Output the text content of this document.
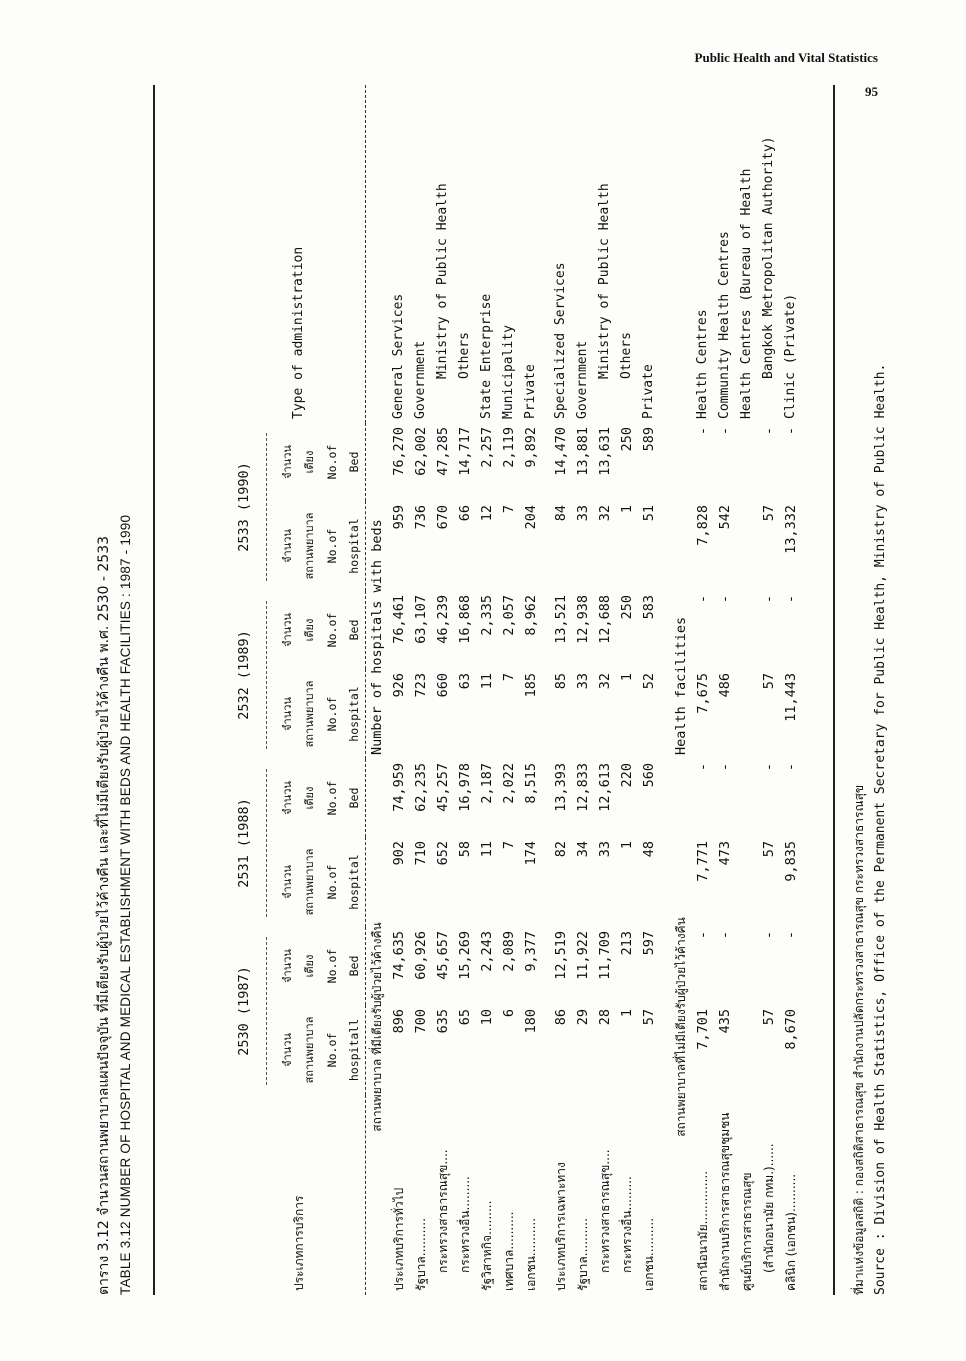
Public Health and Vital Statistics
95
ตาราง 3.12 จำนวนสถานพยาบาลแผนปัจจุบัน ที่มีเตียงรับผู้ป่วยไว้ค้างคืน และที่ไม่มีเตียงรับผู้ป่วยไว้ค้างคืน พ.ศ. 2530 - 2533 TABLE 3.12 NUMBER OF HOSPITAL AND MEDICAL ESTABLISHMENT WITH BEDS AND HEALTH FACILITIES : 1987 - 1990	ประเภทการบริการ	2530 (1987)		2531 (1988)		2532 (1989)		2533 (1990)		Type of administration

	จำนวน สถานพยาบาล No.of hospitall	จำนวน เตียง No.of Bed	จำนวน สถานพยาบาล No.of hospital	จำนวน เตียง No.of Bed	จำนวน สถานพยาบาล No.of hospital	จำนวน เตียง No.of Bed	จำนวน สถานพยาบาล No.of hospital	จำนวน เตียง No.of Bed	

สถานพยาบาล ที่มีเตียงรับผู้ป่วยไว้ค้างคืน					Number of hospitals with beds				
ประเภทบริการทั่วไป	896	74,635	902	74,959	926	76,461	959	76,270	General Services
รัฐบาล..........	700	60,926	710	62,235	723	63,107	736	62,002	Government
กระทรวงสาธารณสุข....	635	45,657	652	45,257	660	46,239	670	47,285	Ministry of Public Health
กระทรวงอื่น.........	65	15,269	58	16,978	63	16,868	66	14,717	Others
รัฐวิสาหกิจ.........	10	2,243	11	2,187	11	2,335	12	2,257	State Enterprise
เทศบาล..........	6	2,089	7	2,022	7	2,057	7	2,119	Municipality
เอกชน..........	180	9,377	174	8,515	185	8,962	204	9,892	Private
ประเภทบริการเฉพาะทาง	86	12,519	82	13,393	85	13,521	84	14,470	Specialized Services
รัฐบาล..........	29	11,922	34	12,833	33	12,938	33	13,881	Government
กระทรวงสาธารณสุข....	28	11,709	33	12,613	32	12,688	32	13,631	Ministry of Public Health
กระทรวงอื่น.........	1	213	1	220	1	250	1	250	Others
เอกชน..........	57	597	48	560	52	583	51	589	Private
สถานพยาบาลที่ไม่มีเตียงรับผู้ป่วยไว้ค้างคืน					Health facilities				
สถานีอนามัย..............	7,701	-	7,771	-	7,675	-	7,828	-	Health Centres
สำนักงานบริการสาธารณสุขชุมชน	435	-	473	-	486	-	542	-	Community Health Centres
ศูนย์บริการสาธารณสุข									Health Centres (Bureau of Health
(สำนักอนามัย กทม.)......	57	-	57	-	57	-	57	-	Bangkok Metropolitan Authority)
คลินิก (เอกชน)..........	8,670	-	9,835	-	11,443	-	13,332	-	Clinic (Private)
ที่มาแห่งข้อมูลสถิติ : กองสถิติสาธารณสุข สำนักงานปลัดกระทรวงสาธารณสุข กระทรวงสาธารณสุข Source : Division of Health Statistics, Office of the Permanent Secretary for Public Health, Ministry of Public Health.
